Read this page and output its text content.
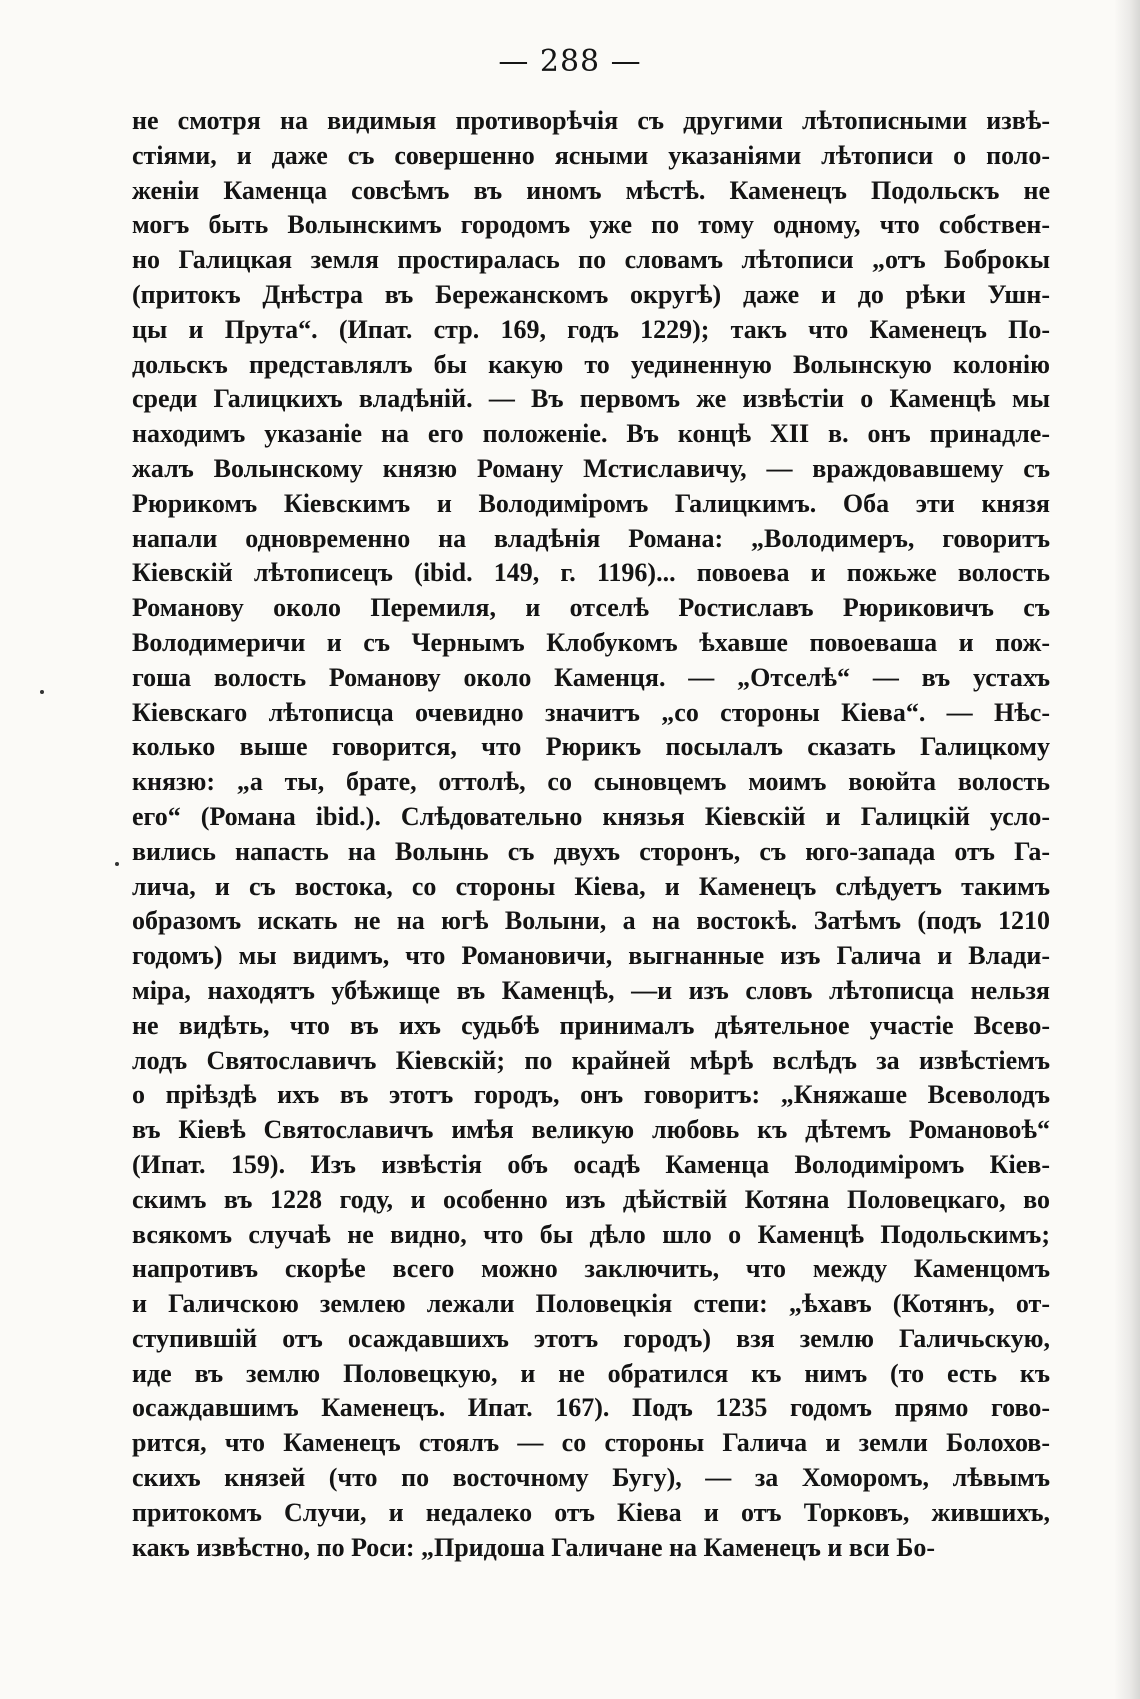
— 288 —
не смотря на видимыя противорѣчія съ другими лѣтописными извѣ-
стіями, и даже съ совершенно ясными указаніями лѣтописи о поло-
женіи Каменца совсѣмъ въ иномъ мѣстѣ. Каменецъ Подольскъ не
могъ быть Волынскимъ городомъ уже по тому одному, что собствен-
но Галицкая земля простиралась по словамъ лѣтописи „отъ Боброкы
(притокъ Днѣстра въ Бережанскомъ округѣ) даже и до рѣки Ушн-
цы и Прута“. (Ипат. стр. 169, годъ 1229); такъ что Каменецъ По-
дольскъ представлялъ бы какую то уединенную Волынскую колонію
среди Галицкихъ владѣній. — Въ первомъ же извѣстіи о Каменцѣ мы
находимъ указаніе на его положеніе. Въ концѣ XII в. онъ принадле-
жалъ Волынскому князю Роману Мстиславичу, — враждовавшему съ
Рюрикомъ Кіевскимъ и Володиміромъ Галицкимъ. Оба эти князя
напали одновременно на владѣнія Романа: „Володимеръ, говоритъ
Кіевскій лѣтописецъ (ibid. 149, г. 1196)... повоева и пожьже волость
Романову около Перемиля, и отселѣ Ростиславъ Рюриковичъ съ
Володимеричи и съ Чернымъ Клобукомъ ѣхавше повоеваша и пож-
гоша волость Романову около Каменця. — „Отселѣ“ — въ устахъ
Кіевскаго лѣтописца очевидно значитъ „со стороны Кіева“. — Нѣс-
колько выше говорится, что Рюрикъ посылалъ сказать Галицкому
князю: „а ты, брате, оттолѣ, со сыновцемъ моимъ воюйта волость
его“ (Романа ibid.). Слѣдовательно князья Кіевскій и Галицкій усло-
вились напасть на Волынь съ двухъ сторонъ, съ юго-запада отъ Га-
лича, и съ востока, со стороны Кіева, и Каменецъ слѣдуетъ такимъ
образомъ искать не на югѣ Волыни, а на востокѣ. Затѣмъ (подъ 1210
годомъ) мы видимъ, что Романовичи, выгнанные изъ Галича и Влади-
міра, находятъ убѣжище въ Каменцѣ, —и изъ словъ лѣтописца нельзя
не видѣть, что въ ихъ судьбѣ принималъ дѣятельное участіе Всево-
лодъ Святославичъ Кіевскій; по крайней мѣрѣ вслѣдъ за извѣстіемъ
о пріѣздѣ ихъ въ этотъ городъ, онъ говоритъ: „Княжаше Всеволодъ
въ Кіевѣ Святославичъ имѣя великую любовь къ дѣтемъ Романовоѣ“
(Ипат. 159). Изъ извѣстія объ осадѣ Каменца Володиміромъ Кіев-
скимъ въ 1228 году, и особенно изъ дѣйствій Котяна Половецкаго, во
всякомъ случаѣ не видно, что бы дѣло шло о Каменцѣ Подольскимъ;
напротивъ скорѣе всего можно заключить, что между Каменцомъ
и Галичскою землею лежали Половецкія степи: „ѣхавъ (Котянъ, от-
ступившій отъ осаждавшихъ этотъ городъ) взя землю Галичьскую,
иде въ землю Половецкую, и не обратился къ нимъ (то есть къ
осаждавшимъ Каменецъ. Ипат. 167). Подъ 1235 годомъ прямо гово-
рится, что Каменецъ стоялъ — со стороны Галича и земли Болохов-
скихъ князей (что по восточному Бугу), — за Хоморомъ, лѣвымъ
притокомъ Случи, и недалеко отъ Кіева и отъ Торковъ, жившихъ,
какъ извѣстно, по Роси: „Придоша Галичане на Каменецъ и вси Бо-
